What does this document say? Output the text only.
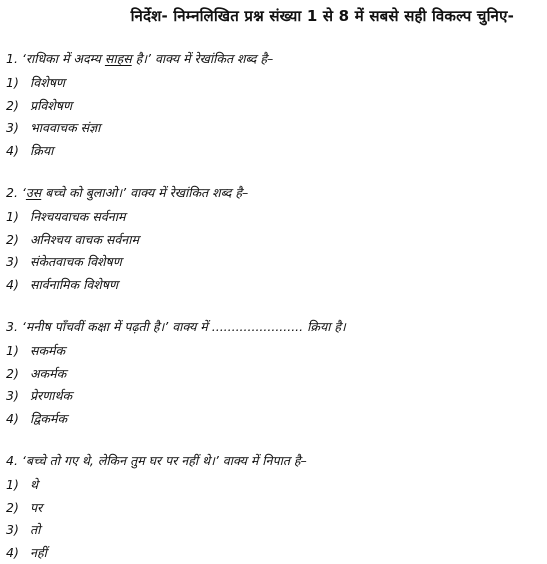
निर्देश- निम्नलिखित प्रश्न संख्या 1 से 8 में सबसे सही विकल्प चुनिए-
1. ‘राधिका में अदम्य साहस है।’ वाक्य में रेखांकित शब्द है–
1) विशेषण
2) प्रविशेषण
3) भाववाचक संज्ञा
4) क्रिया
2. ‘उस बच्चे को बुलाओ।’ वाक्य में रेखांकित शब्द है–
1) निश्चयवाचक सर्वनाम
2) अनिश्चय वाचक सर्वनाम
3) संकेतवाचक विशेषण
4) सार्वनामिक विशेषण
3. ‘मनीष पाँचवीं कक्षा में पढ़ती है।’ वाक्य में ....................... क्रिया है।
1) सकर्मक
2) अकर्मक
3) प्रेरणार्थक
4) द्विकर्मक
4. ‘बच्चे तो गए थे, लेकिन तुम घर पर नहीं थे।’ वाक्य में निपात है–
1) थे
2) पर
3) तो
4) नहीं
